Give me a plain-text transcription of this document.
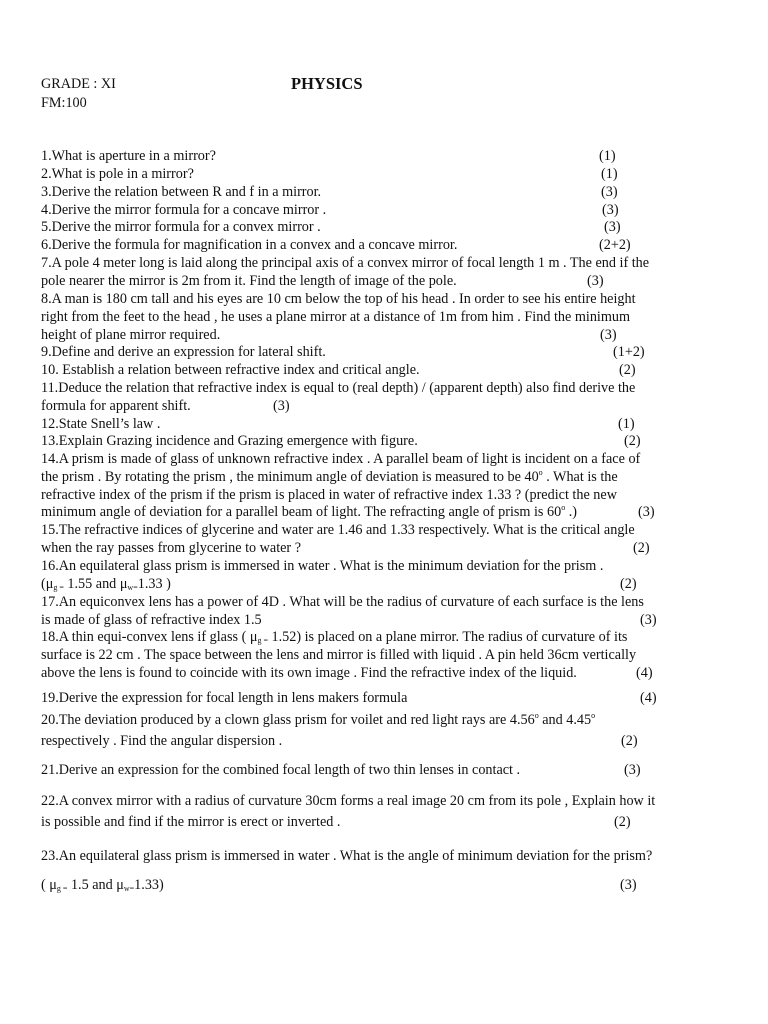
GRADE : XI	PHYSICS
FM:100
1.What is aperture in a mirror?	(1)
2.What is pole in a mirror?	(1)
3.Derive the relation between R and f in a mirror.	(3)
4.Derive the mirror formula for a concave mirror .	(3)
5.Derive the mirror formula for a convex mirror .	(3)
6.Derive the formula for magnification in a convex and a concave mirror.	(2+2)
7.A pole 4 meter long is laid along the principal axis of a convex mirror of focal length 1 m . The end if the
pole nearer the mirror is 2m from it. Find the length of image of the pole.	(3)
8.A man is 180 cm tall and his eyes are 10 cm below the top of his head . In order to see his entire height
right from the feet to the head , he uses a plane mirror at a distance of 1m from him . Find the minimum
height of plane mirror required.	(3)
9.Define and derive an expression for lateral shift.	(1+2)
10. Establish a relation between refractive index and critical angle.	(2)
11.Deduce the relation that refractive index is equal to (real depth) / (apparent depth) also find derive the
formula for apparent shift.	(3)
12.State Snell’s law .	(1)
13.Explain Grazing incidence and Grazing emergence with figure.	(2)
14.A prism is made of glass of unknown refractive index . A parallel beam of light is incident on a face of
the prism . By rotating the prism , the minimum angle of deviation is measured to be 40$^o$ . What is the
refractive index of the prism if the prism is placed in water of refractive index 1.33 ? (predict the new
minimum angle of deviation for a parallel beam of light. The refracting angle of prism is 60$^o$ .)	(3)
15.The refractive indices of glycerine and water are 1.46 and 1.33 respectively. What is the critical angle
when the ray passes from glycerine to water ?	(2)
16.An equilateral glass prism is immersed in water . What is the minimum deviation for the prism .
($\mu_{g =}$ 1.55 and $\mu_{w=}1.33$ )	(2)
17.An equiconvex lens has a power of 4D . What will be the radius of curvature of each surface is the lens
is made of glass of refractive index 1.5	(3)
18.A thin equi-convex lens if glass ( $\mu_{g =}$ 1.52) is placed on a plane mirror. The radius of curvature of its
surface is 22 cm . The space between the lens and mirror is filled with liquid . A pin held 36cm vertically
above the lens is found to coincide with its own image . Find the refractive index of the liquid.	(4)
19.Derive the expression for focal length in lens makers formula	(4)
20.The deviation produced by a clown glass prism for voilet and red light rays are 4.56$^o$ and 4.45$^o$
respectively . Find the angular dispersion .	(2)
21.Derive an expression for the combined focal length of two thin lenses in contact .	(3)
22.A convex mirror with a radius of curvature 30cm forms a real image 20 cm from its pole , Explain how it
is possible and find if the mirror is erect or inverted .	(2)
23.An equilateral glass prism is immersed in water . What is the angle of minimum deviation for the prism?
( $\mu_{g =}$ 1.5 and $\mu_{w=}1.33$)	(3)
